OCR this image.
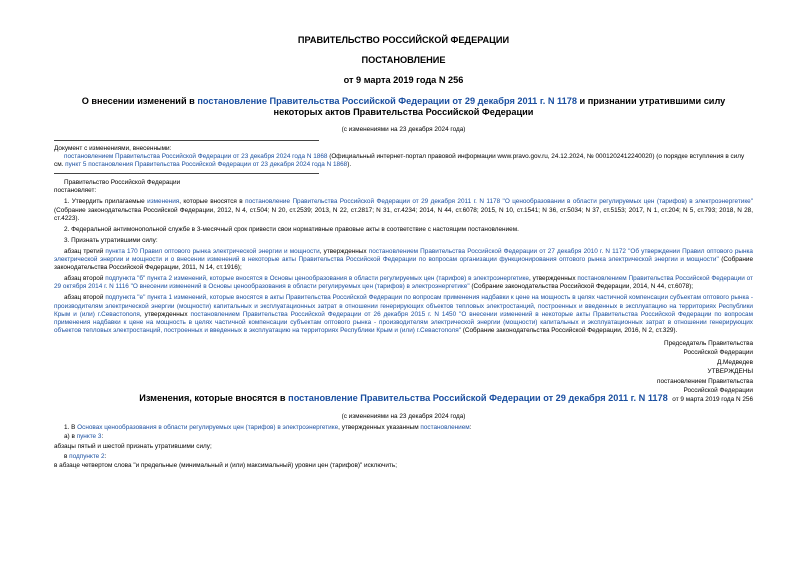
ПРАВИТЕЛЬСТВО РОССИЙСКОЙ ФЕДЕРАЦИИ

ПОСТАНОВЛЕНИЕ

от 9 марта 2019 года N 256

О внесении изменений в постановление Правительства Российской Федерации от 29 декабря 2011 г. N 1178 и признании утратившими силу некоторых актов Правительства Российской Федерации

(с изменениями на 23 декабря 2024 года)

Документ с изменениями, внесенными:

постановлением Правительства Российской Федерации от 23 декабря 2024 года N 1868 (Официальный интернет-портал правовой информации www.pravo.gov.ru, 24.12.2024, № 0001202412240020) (о порядке вступления в силу см. пункт 5 постановления Правительства Российской Федерации от 23 декабря 2024 года N 1868).

Правительство Российской Федерации

постановляет:

1. Утвердить прилагаемые изменения, которые вносятся в постановление Правительства Российской Федерации от 29 декабря 2011 г. N 1178 "О ценообразовании в области регулируемых цен (тарифов) в электроэнергетике" (Собрание законодательства Российской Федерации, 2012, N 4, ст.504; N 20, ст.2539; 2013, N 22, ст.2817; N 31, ст.4234; 2014, N 44, ст.6078; 2015, N 10, ст.1541; N 36, ст.5034; N 37, ст.5153; 2017, N 1, ст.204; N 5, ст.793; 2018, N 28, ст.4223).

2. Федеральной антимонопольной службе в 3-месячный срок привести свои нормативные правовые акты в соответствие с настоящим постановлением.

3. Признать утратившими силу:

абзац третий пункта 170 Правил оптового рынка электрической энергии и мощности, утвержденных постановлением Правительства Российской Федерации от 27 декабря 2010 г. N 1172 "Об утверждении Правил оптового рынка электрической энергии и мощности и о внесении изменений в некоторые акты Правительства Российской Федерации по вопросам организации функционирования оптового рынка электрической энергии и мощности" (Собрание законодательства Российской Федерации, 2011, N 14, ст.1916);

абзац второй подпункта "б" пункта 2 изменений, которые вносятся в Основы ценообразования в области регулируемых цен (тарифов) в электроэнергетике, утвержденных постановлением Правительства Российской Федерации от 29 октября 2014 г. N 1116 "О внесении изменений в Основы ценообразования в области регулируемых цен (тарифов) в электроэнергетике" (Собрание законодательства Российской Федерации, 2014, N 44, ст.6078);

абзац второй подпункта "е" пункта 1 изменений, которые вносятся в акты Правительства Российской Федерации по вопросам применения надбавки к цене на мощность в целях частичной компенсации субъектам оптового рынка - производителям электрической энергии (мощности) капитальных и эксплуатационных затрат в отношении генерирующих объектов тепловых электростанций, построенных и введенных в эксплуатацию на территориях Республики Крым и (или) г.Севастополя, утвержденных постановлением Правительства Российской Федерации от 26 декабря 2015 г. N 1450 "О внесении изменений в некоторые акты Правительства Российской Федерации по вопросам применения надбавки к цене на мощность в целях частичной компенсации субъектам оптового рынка - производителям электрической энергии (мощности) капитальных и эксплуатационных затрат в отношении генерирующих объектов тепловых электростанций, построенных и введенных в эксплуатацию на территориях Республики Крым и (или) г.Севастополя" (Собрание законодательства Российской Федерации, 2016, N 2, ст.329).

Председатель Правительства

Российской Федерации

Д.Медведев

УТВЕРЖДЕНЫ

постановлением Правительства

Российской Федерации

от 9 марта 2019 года N 256

Изменения, которые вносятся в постановление Правительства Российской Федерации от 29 декабря 2011 г. N 1178

(с изменениями на 23 декабря 2024 года)

1. В Основах ценообразования в области регулируемых цен (тарифов) в электроэнергетике, утвержденных указанным постановлением:

а) в пункте 3:

абзацы пятый и шестой признать утратившими силу;

в подпункте 2:

в абзаце четвертом слова "и предельные (минимальный и (или) максимальный) уровни цен (тарифов)" исключить;
